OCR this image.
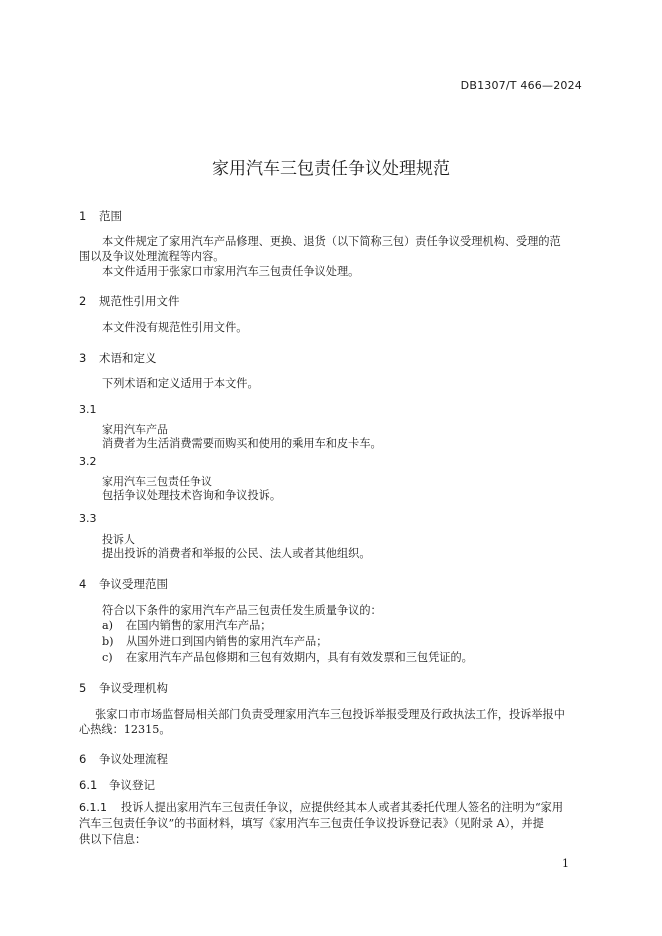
DB1307/T 466—2024
家用汽车三包责任争议处理规范
1 范围
本文件规定了家用汽车产品修理、更换、退货（以下简称三包）责任争议受理机构、受理的范
围以及争议处理流程等内容。
本文件适用于张家口市家用汽车三包责任争议处理。
2 规范性引用文件
本文件没有规范性引用文件。
3 术语和定义
下列术语和定义适用于本文件。
3.1
家用汽车产品
消费者为生活消费需要而购买和使用的乘用车和皮卡车。
3.2
家用汽车三包责任争议
包括争议处理技术咨询和争议投诉。
3.3
投诉人
提出投诉的消费者和举报的公民、法人或者其他组织。
4 争议受理范围
符合以下条件的家用汽车产品三包责任发生质量争议的：
a) 在国内销售的家用汽车产品；
b) 从国外进口到国内销售的家用汽车产品；
c) 在家用汽车产品包修期和三包有效期内，具有有效发票和三包凭证的。
5 争议受理机构
张家口市市场监督局相关部门负责受理家用汽车三包投诉举报受理及行政执法工作，投诉举报中
心热线：12315。
6 争议处理流程
6.1 争议登记
6.1.1 投诉人提出家用汽车三包责任争议，应提供经其本人或者其委托代理人签名的注明为“家用
汽车三包责任争议”的书面材料，填写《家用汽车三包责任争议投诉登记表》（见附录 A），并提
供以下信息：
1
